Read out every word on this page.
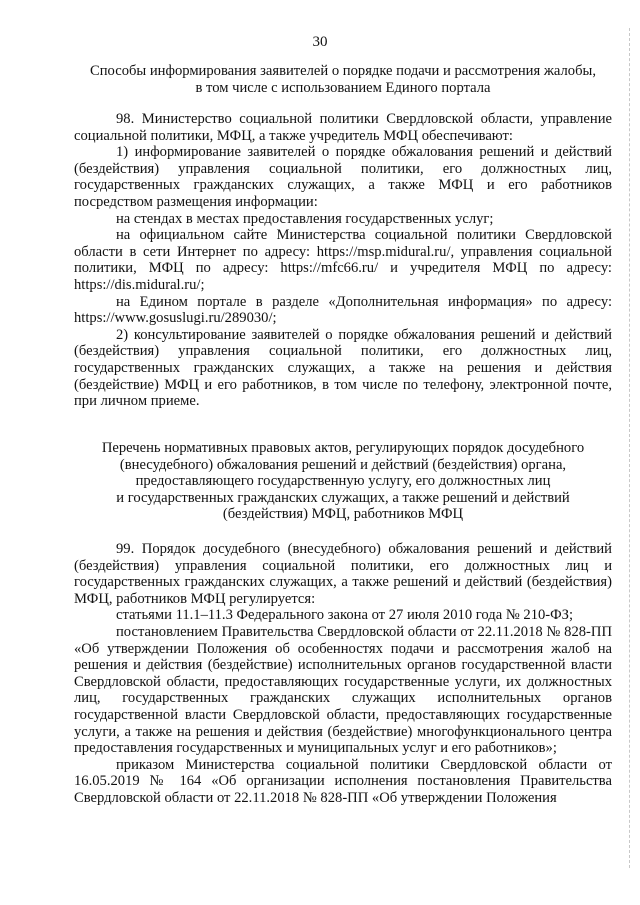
30
Способы информирования заявителей о порядке подачи и рассмотрения жалобы,
в том числе с использованием Единого портала

98. Министерство социальной политики Свердловской области, управление социальной политики, МФЦ, а также учредитель МФЦ обеспечивают:

1) информирование заявителей о порядке обжалования решений и действий (бездействия) управления социальной политики, его должностных лиц, государственных гражданских служащих, а также МФЦ и его работников посредством размещения информации:

на стендах в местах предоставления государственных услуг;

на официальном сайте Министерства социальной политики Свердловской области в сети Интернет по адресу: https://msp.midural.ru/, управления социальной политики, МФЦ по адресу: https://mfc66.ru/ и учредителя МФЦ по адресу: https://dis.midural.ru/;

на Едином портале в разделе «Дополнительная информация» по адресу: https://www.gosuslugi.ru/289030/;

2) консультирование заявителей о порядке обжалования решений и действий (бездействия) управления социальной политики, его должностных лиц, государственных гражданских служащих, а также на решения и действия (бездействие) МФЦ и его работников, в том числе по телефону, электронной почте, при личном приеме.

Перечень нормативных правовых актов, регулирующих порядок досудебного
(внесудебного) обжалования решений и действий (бездействия) органа,
предоставляющего государственную услугу, его должностных лиц
и государственных гражданских служащих, а также решений и действий
(бездействия) МФЦ, работников МФЦ

99. Порядок досудебного (внесудебного) обжалования решений и действий (бездействия) управления социальной политики, его должностных лиц и государственных гражданских служащих, а также решений и действий (бездействия) МФЦ, работников МФЦ регулируется:

статьями 11.1–11.3 Федерального закона от 27 июля 2010 года № 210-ФЗ;

постановлением Правительства Свердловской области от 22.11.2018 № 828-ПП «Об утверждении Положения об особенностях подачи и рассмотрения жалоб на решения и действия (бездействие) исполнительных органов государственной власти Свердловской области, предоставляющих государственные услуги, их должностных лиц, государственных гражданских служащих исполнительных органов государственной власти Свердловской области, предоставляющих государственные услуги, а также на решения и действия (бездействие) многофункционального центра предоставления государственных и муниципальных услуг и его работников»;

приказом Министерства социальной политики Свердловской области от 16.05.2019 № 164 «Об организации исполнения постановления Правительства Свердловской области от 22.11.2018 № 828-ПП «Об утверждении Положения
